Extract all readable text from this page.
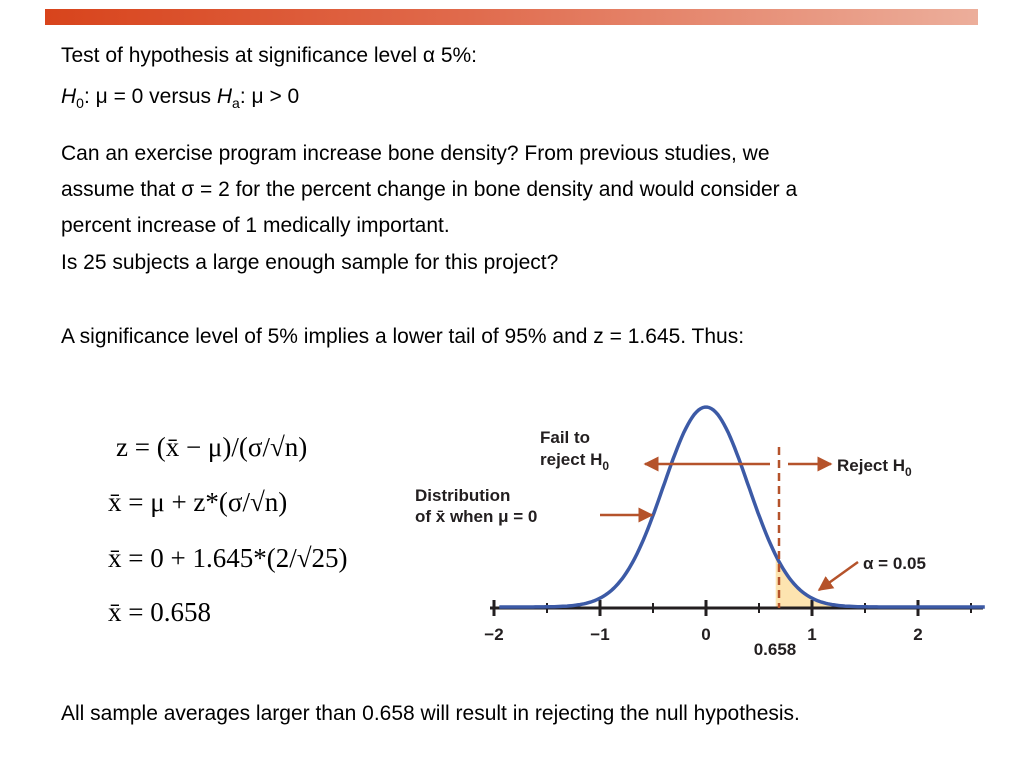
Test of hypothesis at significance level α 5%:
$H_0$: μ = 0 versus $H_a$: μ > 0
Can an exercise program increase bone density? From previous studies, we
assume that σ = 2 for the percent change in bone density and would consider a
percent increase of 1 medically important.
Is 25 subjects a large enough sample for this project?
A significance level of 5% implies a lower tail of 95% and z = 1.645. Thus:
z = (x̄ − μ)/(σ/√n)
x̄ = μ + z*(σ/√n)
x̄ = 0 + 1.645*(2/√25)
x̄ = 0.658
−2	−1	0	1	2
Fail to
reject $H_0$	Reject $H_0$
Distribution
of x̄ when μ = 0
α = 0.05
0.658
All sample averages larger than 0.658 will result in rejecting the null hypothesis.
